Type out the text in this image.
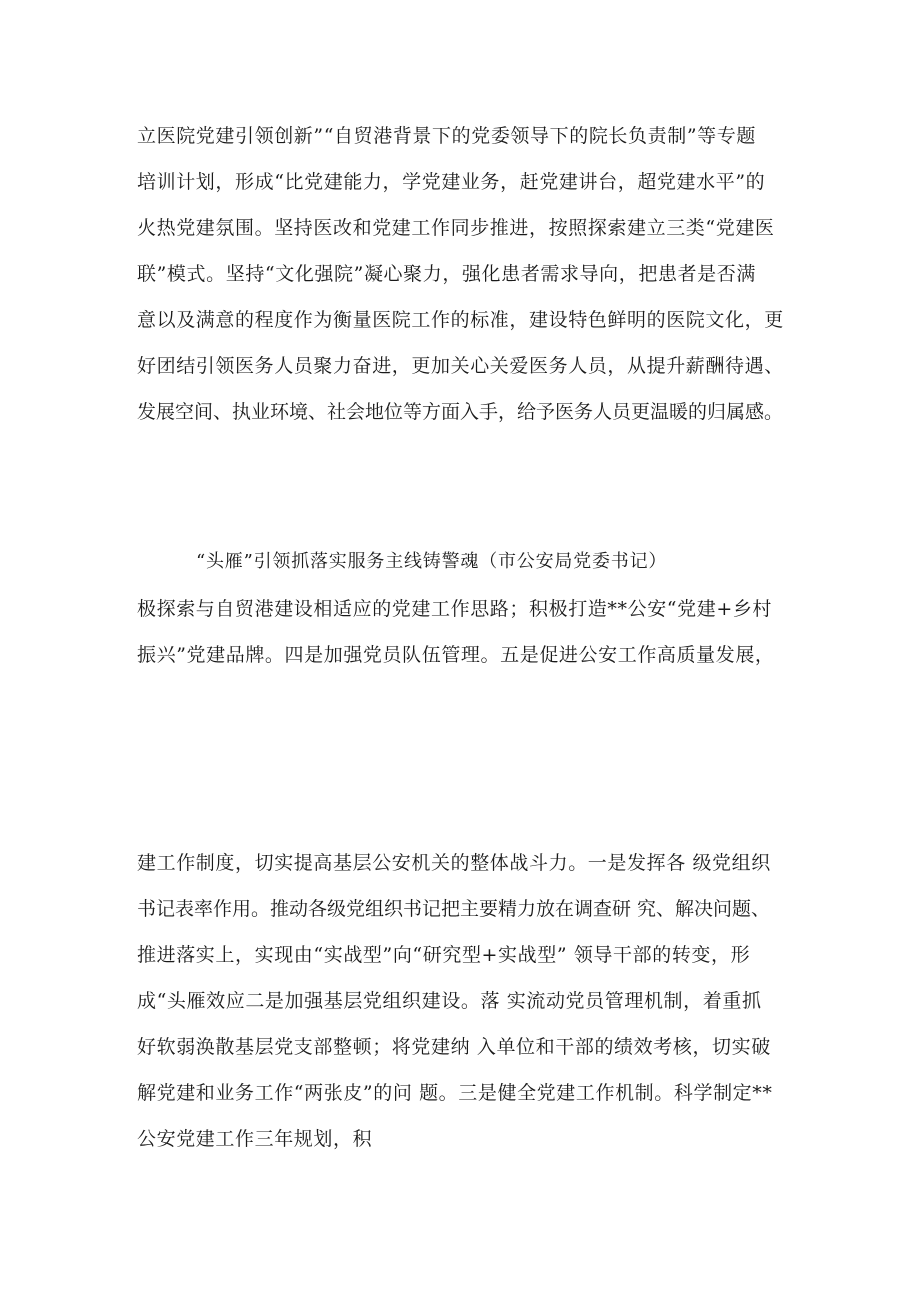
立医院党建引领创新”“自贸港背景下的党委领导下的院长负责制”等专题
培训计划，形成“比党建能力，学党建业务，赶党建讲台，超党建水平”的
火热党建氛围。坚持医改和党建工作同步推进，按照探索建立三类“党建医
联”模式。坚持“文化强院”凝心聚力，强化患者需求导向，把患者是否满
意以及满意的程度作为衡量医院工作的标准，建设特色鲜明的医院文化，更
好团结引领医务人员聚力奋进，更加关心关爱医务人员，从提升薪酬待遇、
发展空间、执业环境、社会地位等方面入手，给予医务人员更温暖的归属感。
“头雁”引领抓落实服务主线铸警魂（市公安局党委书记）
极探索与自贸港建设相适应的党建工作思路；积极打造**公安“党建+乡村
振兴”党建品牌。四是加强党员队伍管理。五是促进公安工作高质量发展，
建工作制度，切实提高基层公安机关的整体战斗力。一是发挥各 级党组织
书记表率作用。推动各级党组织书记把主要精力放在调查研 究、解决问题、
推进落实上，实现由“实战型”向“研究型+实战型” 领导干部的转变，形
成“头雁效应二是加强基层党组织建设。落 实流动党员管理机制，着重抓
好软弱涣散基层党支部整顿；将党建纳 入单位和干部的绩效考核，切实破
解党建和业务工作“两张皮”的问 题。三是健全党建工作机制。科学制定**
公安党建工作三年规划，积
